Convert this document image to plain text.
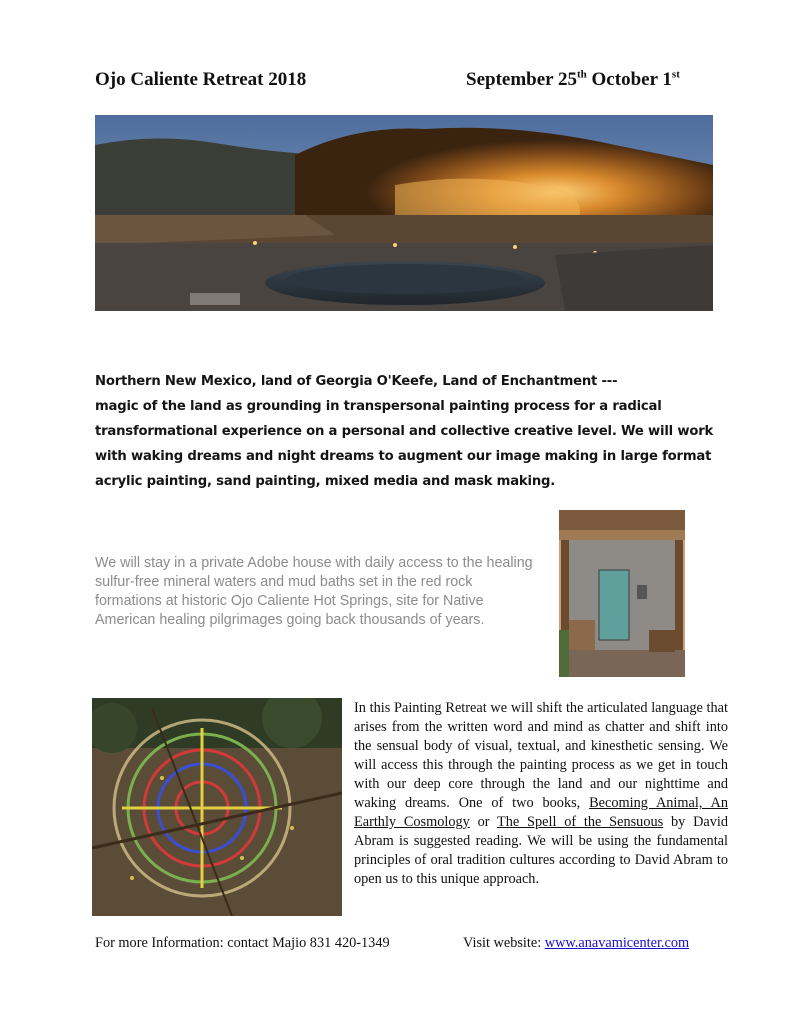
Ojo Caliente Retreat 2018	September 25th October 1st

Northern New Mexico, land of Georgia O'Keefe, Land of Enchantment ---

magic of the land as grounding in transpersonal painting process for a radical transformational experience on a personal and collective creative level. We will work with waking dreams and night dreams to augment our image making in large format acrylic painting, sand painting, mixed media and mask making.

We will stay in a private Adobe house with daily access to the healing sulfur-free mineral waters and mud baths set in the red rock formations at historic Ojo Caliente Hot Springs, site for Native American healing pilgrimages going back thousands of years.
In this Painting Retreat we will shift the articulated language that arises from the written word and mind as chatter and shift into the sensual body of visual, textual, and kinesthetic sensing. We will access this through the painting process as we get in touch with our deep core through the land and our nighttime and waking dreams. One of two books, Becoming Animal, An Earthly Cosmology or The Spell of the Sensuous by David Abram is suggested reading. We will be using the fundamental principles of oral tradition cultures according to David Abram to open us to this unique approach.
For more Information: contact Majio 831 420-1349	Visit website: www.anavamicenter.com
